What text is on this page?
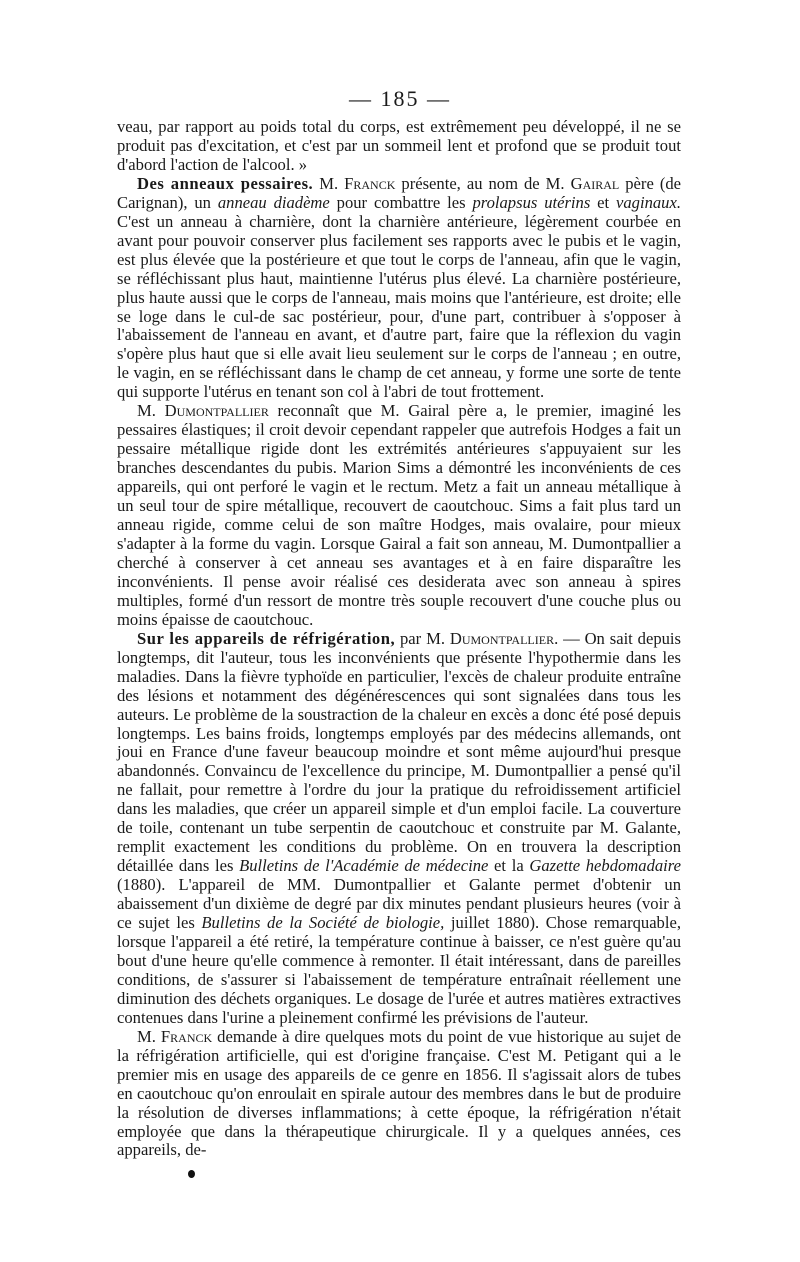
— 185 —

veau, par rapport au poids total du corps, est extrêmement peu développé, il ne se produit pas d'excitation, et c'est par un sommeil lent et profond que se produit tout d'abord l'action de l'alcool. »

Des anneaux pessaires. M. Franck présente, au nom de M. Gairal père (de Carignan), un anneau diadème pour combattre les prolapsus utérins et vaginaux. C'est un anneau à charnière, dont la charnière antérieure, légèrement courbée en avant pour pouvoir conserver plus facilement ses rapports avec le pubis et le vagin, est plus élevée que la postérieure et que tout le corps de l'anneau, afin que le vagin, se réfléchissant plus haut, maintienne l'utérus plus élevé. La charnière postérieure, plus haute aussi que le corps de l'anneau, mais moins que l'antérieure, est droite; elle se loge dans le cul-de sac postérieur, pour, d'une part, contribuer à s'opposer à l'abaissement de l'anneau en avant, et d'autre part, faire que la réflexion du vagin s'opère plus haut que si elle avait lieu seulement sur le corps de l'anneau ; en outre, le vagin, en se réfléchissant dans le champ de cet anneau, y forme une sorte de tente qui supporte l'utérus en tenant son col à l'abri de tout frottement.

M. Dumontpallier reconnaît que M. Gairal père a, le premier, imaginé les pessaires élastiques; il croit devoir cependant rappeler que autrefois Hodges a fait un pessaire métallique rigide dont les extrémités antérieures s'appuyaient sur les branches descendantes du pubis. Marion Sims a démontré les inconvénients de ces appareils, qui ont perforé le vagin et le rectum. Metz a fait un anneau métallique à un seul tour de spire métallique, recouvert de caoutchouc. Sims a fait plus tard un anneau rigide, comme celui de son maître Hodges, mais ovalaire, pour mieux s'adapter à la forme du vagin. Lorsque Gairal a fait son anneau, M. Dumontpallier a cherché à conserver à cet anneau ses avantages et à en faire disparaître les inconvénients. Il pense avoir réalisé ces desiderata avec son anneau à spires multiples, formé d'un ressort de montre très souple recouvert d'une couche plus ou moins épaisse de caoutchouc.

Sur les appareils de réfrigération, par M. Dumontpallier. — On sait depuis longtemps, dit l'auteur, tous les inconvénients que présente l'hypothermie dans les maladies. Dans la fièvre typhoïde en particulier, l'excès de chaleur produite entraîne des lésions et notamment des dégénérescences qui sont signalées dans tous les auteurs. Le problème de la soustraction de la chaleur en excès a donc été posé depuis longtemps. Les bains froids, longtemps employés par des médecins allemands, ont joui en France d'une faveur beaucoup moindre et sont même aujourd'hui presque abandonnés. Convaincu de l'excellence du principe, M. Dumontpallier a pensé qu'il ne fallait, pour remettre à l'ordre du jour la pratique du refroidissement artificiel dans les maladies, que créer un appareil simple et d'un emploi facile. La couverture de toile, contenant un tube serpentin de caoutchouc et construite par M. Galante, remplit exactement les conditions du problème. On en trouvera la description détaillée dans les Bulletins de l'Académie de médecine et la Gazette hebdomadaire (1880). L'appareil de MM. Dumontpallier et Galante permet d'obtenir un abaissement d'un dixième de degré par dix minutes pendant plusieurs heures (voir à ce sujet les Bulletins de la Société de biologie, juillet 1880). Chose remarquable, lorsque l'appareil a été retiré, la température continue à baisser, ce n'est guère qu'au bout d'une heure qu'elle commence à remonter. Il était intéressant, dans de pareilles conditions, de s'assurer si l'abaissement de température entraînait réellement une diminution des déchets organiques. Le dosage de l'urée et autres matières extractives contenues dans l'urine a pleinement confirmé les prévisions de l'auteur.

M. Franck demande à dire quelques mots du point de vue historique au sujet de la réfrigération artificielle, qui est d'origine française. C'est M. Petigant qui a le premier mis en usage des appareils de ce genre en 1856. Il s'agissait alors de tubes en caoutchouc qu'on enroulait en spirale autour des membres dans le but de produire la résolution de diverses inflammations; à cette époque, la réfrigération n'était employée que dans la thérapeutique chirurgicale. Il y a quelques années, ces appareils, de-
